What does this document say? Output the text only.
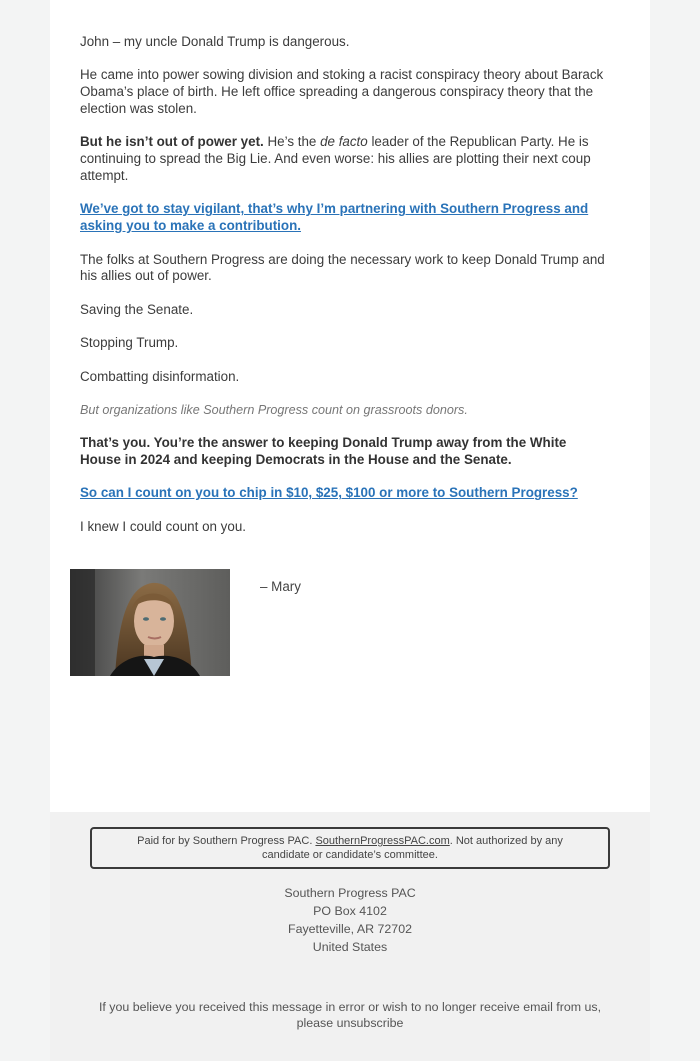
John – my uncle Donald Trump is dangerous.

He came into power sowing division and stoking a racist conspiracy theory about Barack Obama’s place of birth. He left office spreading a dangerous conspiracy theory that the election was stolen.

But he isn’t out of power yet. He’s the de facto leader of the Republican Party. He is continuing to spread the Big Lie. And even worse: his allies are plotting their next coup attempt.

We’ve got to stay vigilant, that’s why I’m partnering with Southern Progress and asking you to make a contribution.

The folks at Southern Progress are doing the necessary work to keep Donald Trump and his allies out of power.

Saving the Senate.

Stopping Trump.

Combatting disinformation.

But organizations like Southern Progress count on grassroots donors.

That’s you. You’re the answer to keeping Donald Trump away from the White House in 2024 and keeping Democrats in the House and the Senate.

So can I count on you to chip in $10, $25, $100 or more to Southern Progress?

I knew I could count on you.

– Mary
Paid for by Southern Progress PAC. SouthernProgressPAC.com. Not authorized by any candidate or candidate’s committee.
Southern Progress PAC
PO Box 4102
Fayetteville, AR 72702
United States
If you believe you received this message in error or wish to no longer receive email from us,
please unsubscribe
